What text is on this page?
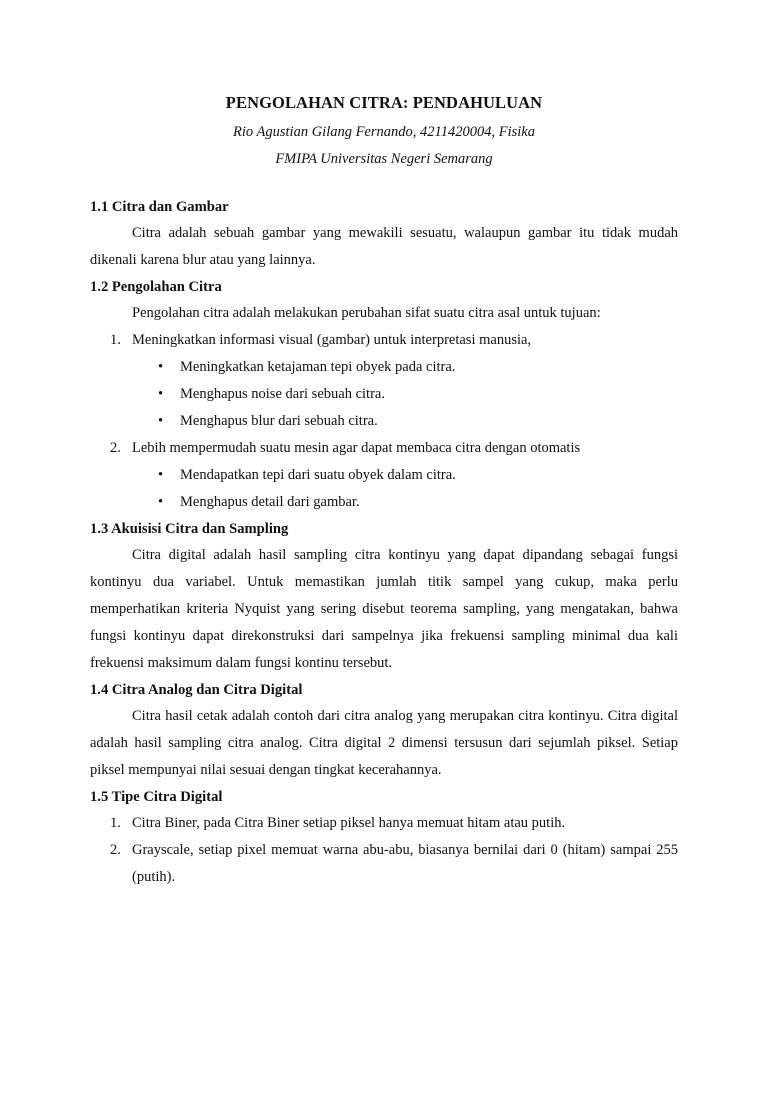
PENGOLAHAN CITRA: PENDAHULUAN

Rio Agustian Gilang Fernando, 4211420004, Fisika

FMIPA Universitas Negeri Semarang

1.1 Citra dan Gambar

Citra adalah sebuah gambar yang mewakili sesuatu, walaupun gambar itu tidak mudah dikenali karena blur atau yang lainnya.

1.2 Pengolahan Citra

Pengolahan citra adalah melakukan perubahan sifat suatu citra asal untuk tujuan:

1. Meningkatkan informasi visual (gambar) untuk interpretasi manusia,
• Meningkatkan ketajaman tepi obyek pada citra.
• Menghapus noise dari sebuah citra.
• Menghapus blur dari sebuah citra.
2. Lebih mempermudah suatu mesin agar dapat membaca citra dengan otomatis
• Mendapatkan tepi dari suatu obyek dalam citra.
• Menghapus detail dari gambar.
1.3 Akuisisi Citra dan Sampling

Citra digital adalah hasil sampling citra kontinyu yang dapat dipandang sebagai fungsi kontinyu dua variabel. Untuk memastikan jumlah titik sampel yang cukup, maka perlu memperhatikan kriteria Nyquist yang sering disebut teorema sampling, yang mengatakan, bahwa fungsi kontinyu dapat direkonstruksi dari sampelnya jika frekuensi sampling minimal dua kali frekuensi maksimum dalam fungsi kontinu tersebut.

1.4 Citra Analog dan Citra Digital

Citra hasil cetak adalah contoh dari citra analog yang merupakan citra kontinyu. Citra digital adalah hasil sampling citra analog. Citra digital 2 dimensi tersusun dari sejumlah piksel. Setiap piksel mempunyai nilai sesuai dengan tingkat kecerahannya.

1.5 Tipe Citra Digital
1. Citra Biner, pada Citra Biner setiap piksel hanya memuat hitam atau putih.
2. Grayscale, setiap pixel memuat warna abu-abu, biasanya bernilai dari 0 (hitam) sampai 255 (putih).
